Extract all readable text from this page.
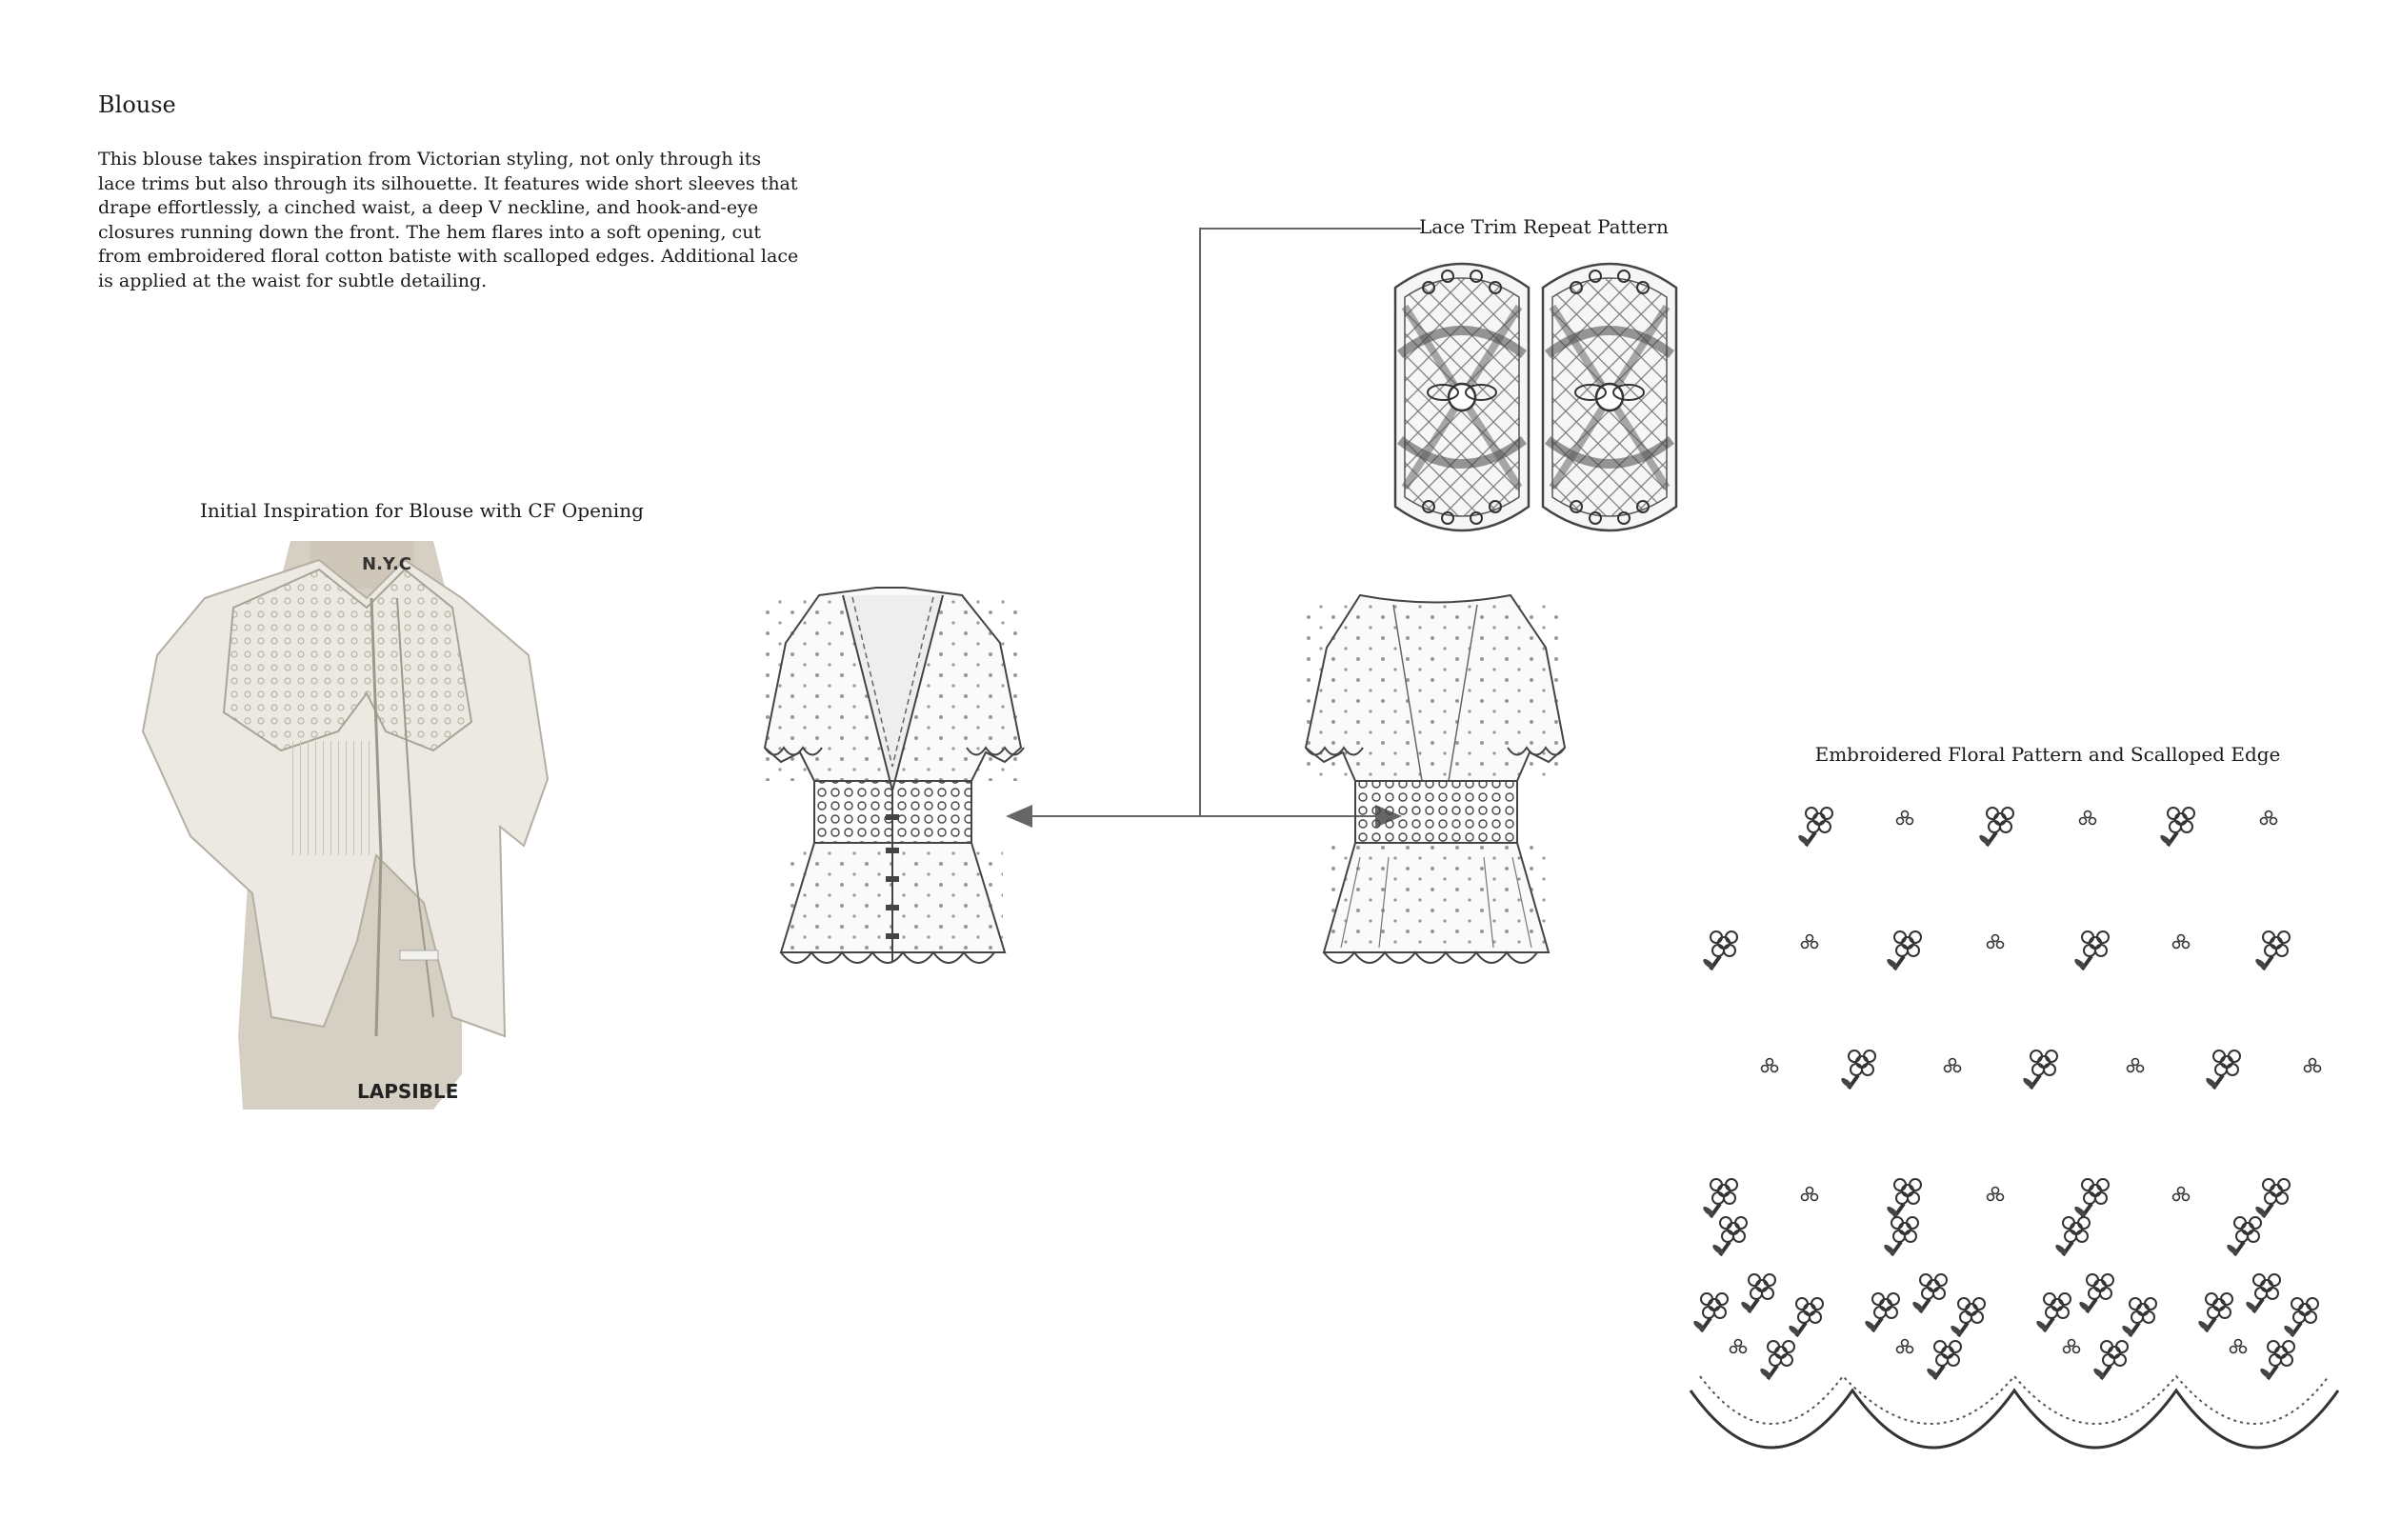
Blouse
This blouse takes inspiration from Victorian styling, not only through its lace trims but also through its silhouette. It features wide short sleeves that drape effortlessly, a cinched waist, a deep V neckline, and hook-and-eye closures running down the front. The hem flares into a soft opening, cut from embroidered floral cotton batiste with scalloped edges. Additional lace is applied at the waist for subtle detailing.
Initial Inspiration for Blouse with CF Opening
Lace Trim Repeat Pattern
Embroidered Floral Pattern and Scalloped Edge
N.Y.C
LAPSIBLE
